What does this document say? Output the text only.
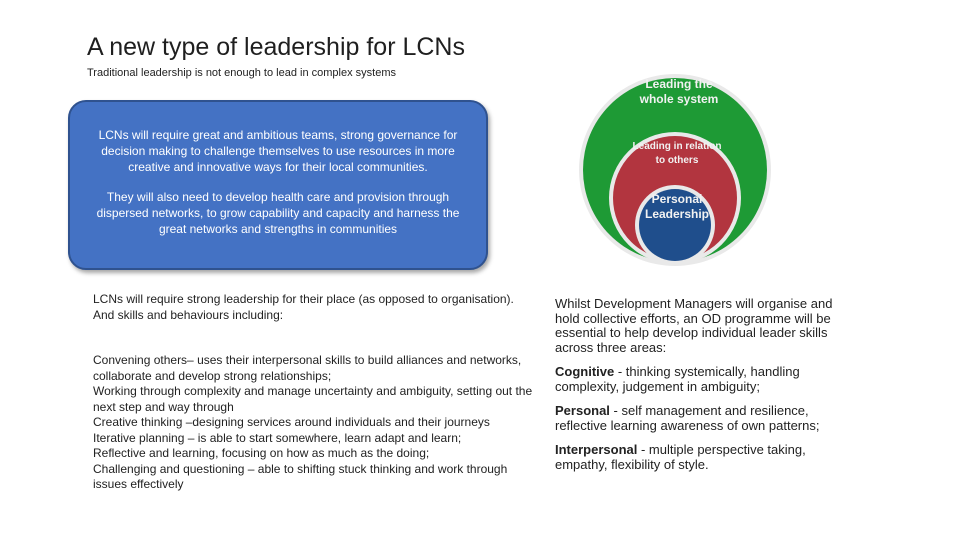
A new type of leadership for LCNs
Traditional leadership is not enough to lead in complex systems

LCNs will require great and ambitious teams, strong governance for decision making to challenge themselves to use resources in more creative and innovative ways for their local communities.

They will also need to develop health care and provision through dispersed networks, to grow capability and capacity and harness the great networks and strengths in communities

Leading the
whole system
Leading in relation
to others
Personal
Leadership

LCNs will require strong leadership for their place (as opposed to organisation). And skills and behaviours including:

Convening others– uses their interpersonal skills to build alliances and networks, collaborate and develop strong relationships;

Working through complexity and manage uncertainty and ambiguity, setting out the next step and way through

Creative thinking –designing services around individuals and their journeys

Iterative planning – is able to start somewhere, learn adapt and learn;

Reflective and learning, focusing on how as much as the doing;

Challenging and questioning – able to shifting stuck thinking and work through issues effectively

Whilst Development Managers will organise and hold collective efforts, an OD programme will be essential to help develop individual leader skills across three areas:

Cognitive - thinking systemically, handling complexity, judgement in ambiguity;

Personal - self management and resilience, reflective learning awareness of own patterns;

Interpersonal - multiple perspective taking, empathy, flexibility of style.
